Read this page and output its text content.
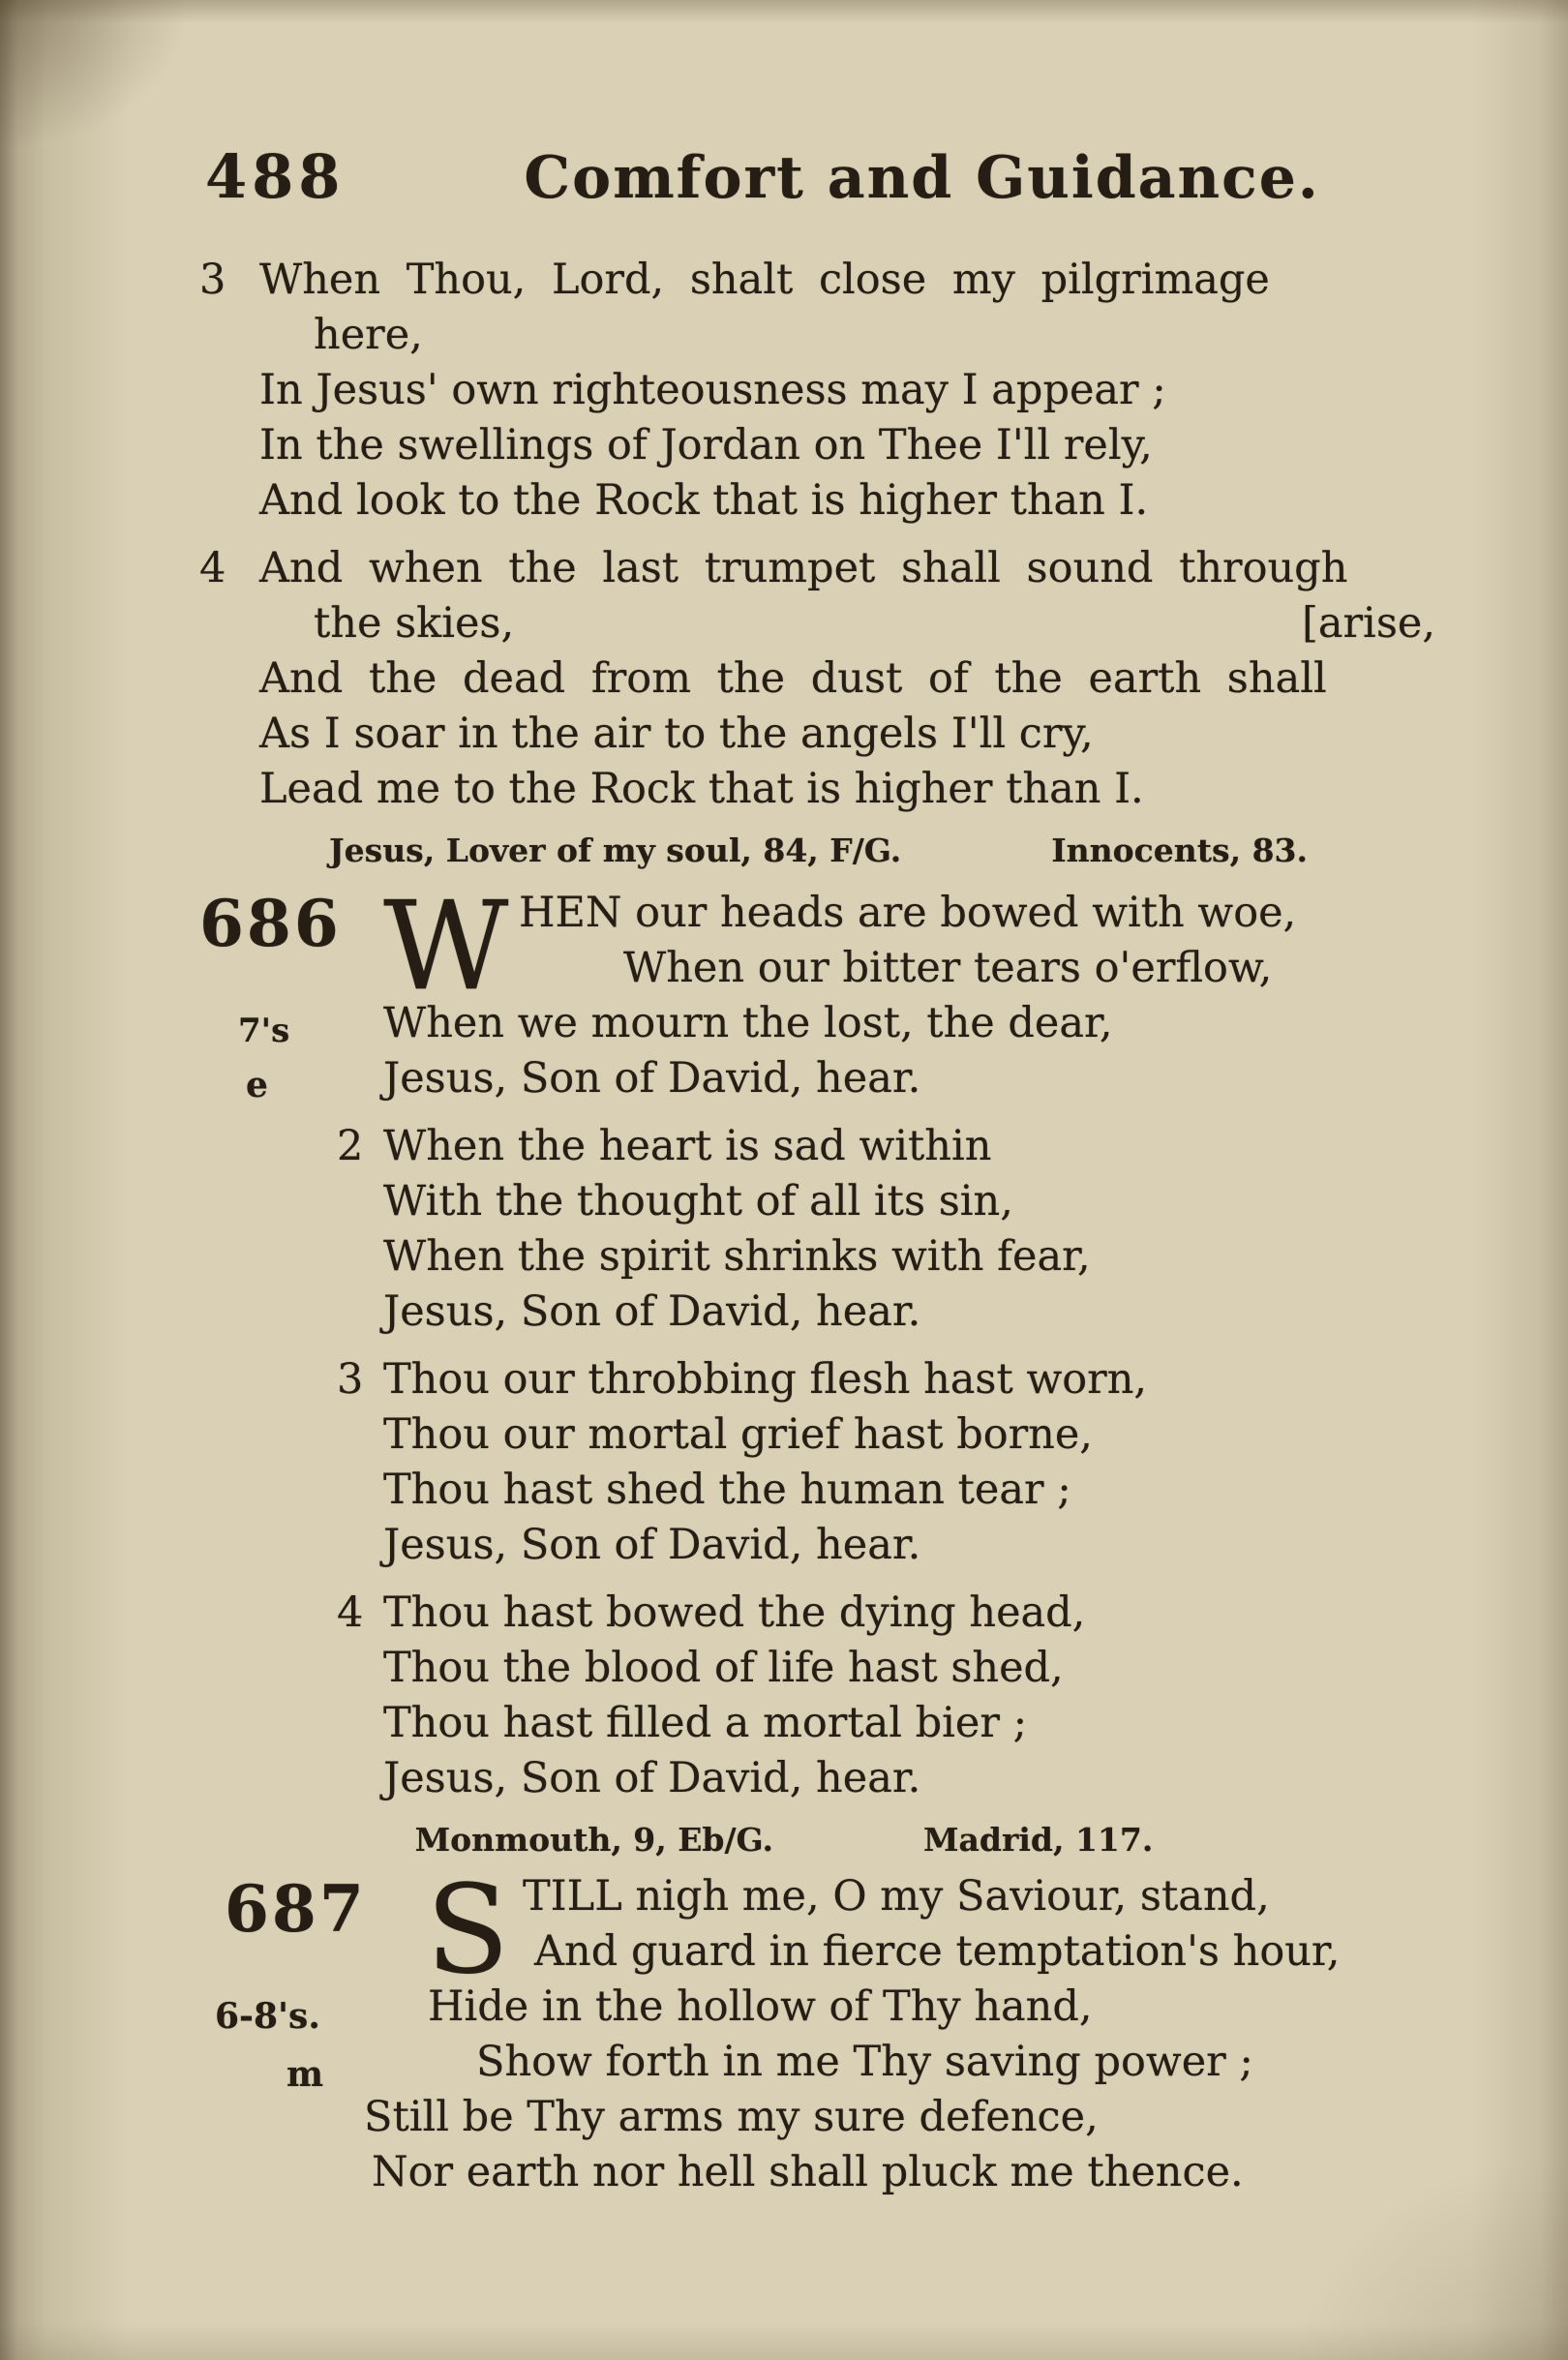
488	Comfort and Guidance.
3 When Thou, Lord, shalt close my pilgrimage
here,
In Jesus' own righteousness may I appear ;
In the swellings of Jordan on Thee I'll rely,
And look to the Rock that is higher than I.
4 And when the last trumpet shall sound through
the skies,	[arise,
And the dead from the dust of the earth shall
As I soar in the air to the angels I'll cry,
Lead me to the Rock that is higher than I.
Jesus, Lover of my soul, 84, F/G.	Innocents, 83.
686
7's
e
W HEN our heads are bowed with woe,
When our bitter tears o'erflow,
When we mourn the lost, the dear,
Jesus, Son of David, hear.
2 When the heart is sad within
With the thought of all its sin,
When the spirit shrinks with fear,
Jesus, Son of David, hear.
3 Thou our throbbing flesh hast worn,
Thou our mortal grief hast borne,
Thou hast shed the human tear ;
Jesus, Son of David, hear.
4 Thou hast bowed the dying head,
Thou the blood of life hast shed,
Thou hast filled a mortal bier ;
Jesus, Son of David, hear.
Monmouth, 9, Eb/G.	Madrid, 117.
687
6-8's.
m
S TILL nigh me, O my Saviour, stand,
And guard in fierce temptation's hour,
Hide in the hollow of Thy hand,
Show forth in me Thy saving power ;
Still be Thy arms my sure defence,
Nor earth nor hell shall pluck me thence.
